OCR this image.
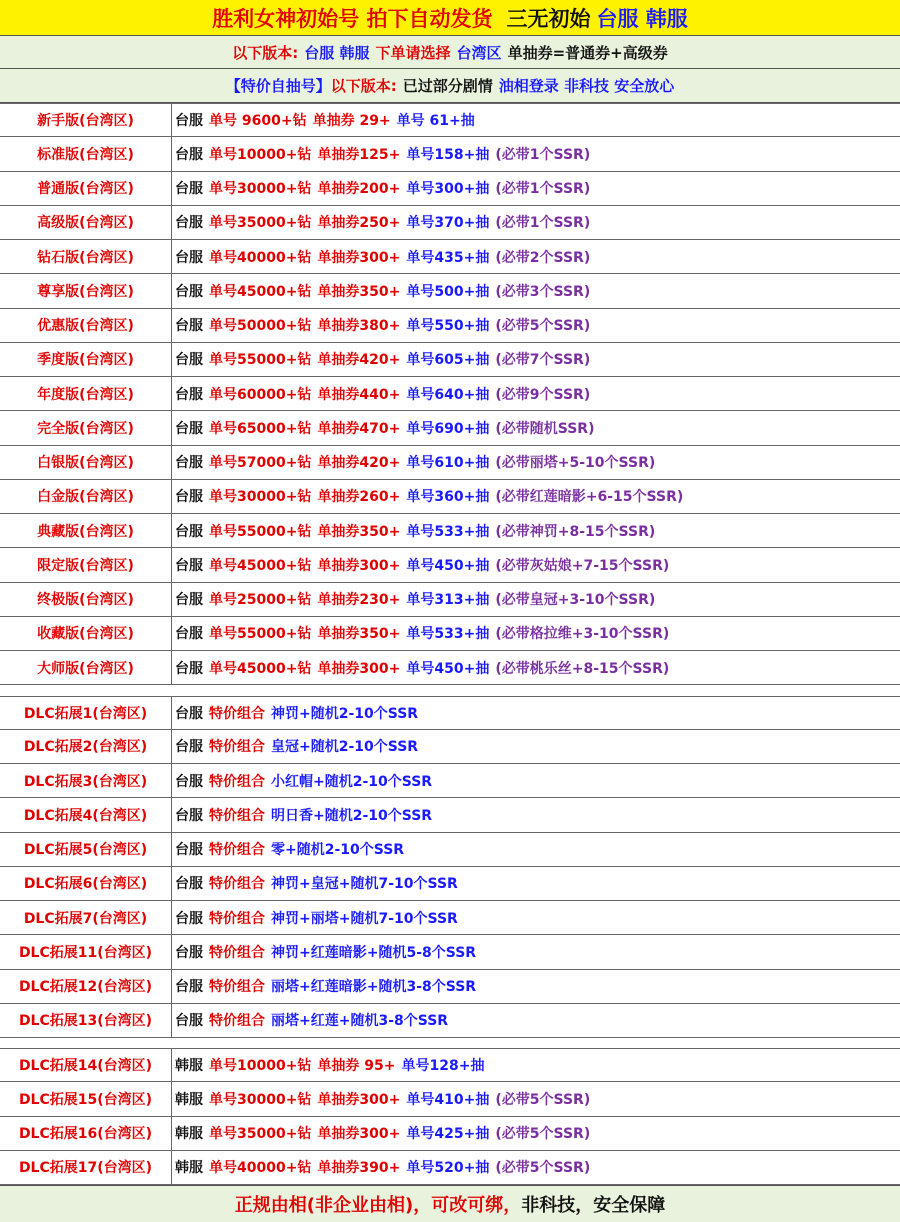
胜利女神初始号 拍下自动发货 三无初始 台服 韩服
以下版本: 台服 韩服 下单请选择 台湾区 单抽券=普通券+高级券
【特价自抽号】 以下版本: 已过部分剧情 油相登录 非科技 安全放心
新手版(台湾区)	台服 单号 9600+钻 单抽券 29+ 单号 61+抽
标准版(台湾区)	台服 单号10000+钻 单抽券125+ 单号158+抽 (必带1个SSR)
普通版(台湾区)	台服 单号30000+钻 单抽券200+ 单号300+抽 (必带1个SSR)
高级版(台湾区)	台服 单号35000+钻 单抽券250+ 单号370+抽 (必带1个SSR)
钻石版(台湾区)	台服 单号40000+钻 单抽券300+ 单号435+抽 (必带2个SSR)
尊享版(台湾区)	台服 单号45000+钻 单抽券350+ 单号500+抽 (必带3个SSR)
优惠版(台湾区)	台服 单号50000+钻 单抽券380+ 单号550+抽 (必带5个SSR)
季度版(台湾区)	台服 单号55000+钻 单抽券420+ 单号605+抽 (必带7个SSR)
年度版(台湾区)	台服 单号60000+钻 单抽券440+ 单号640+抽 (必带9个SSR)
完全版(台湾区)	台服 单号65000+钻 单抽券470+ 单号690+抽 (必带随机SSR)
白银版(台湾区)	台服 单号57000+钻 单抽券420+ 单号610+抽 (必带丽塔+5-10个SSR)
白金版(台湾区)	台服 单号30000+钻 单抽券260+ 单号360+抽 (必带红莲暗影+6-15个SSR)
典藏版(台湾区)	台服 单号55000+钻 单抽券350+ 单号533+抽 (必带神罚+8-15个SSR)
限定版(台湾区)	台服 单号45000+钻 单抽券300+ 单号450+抽 (必带灰姑娘+7-15个SSR)
终极版(台湾区)	台服 单号25000+钻 单抽券230+ 单号313+抽 (必带皇冠+3-10个SSR)
收藏版(台湾区)	台服 单号55000+钻 单抽券350+ 单号533+抽 (必带格拉维+3-10个SSR)
大师版(台湾区)	台服 单号45000+钻 单抽券300+ 单号450+抽 (必带桃乐丝+8-15个SSR)
DLC拓展1(台湾区)	台服 特价组合 神罚+随机2-10个SSR
DLC拓展2(台湾区)	台服 特价组合 皇冠+随机2-10个SSR
DLC拓展3(台湾区)	台服 特价组合 小红帽+随机2-10个SSR
DLC拓展4(台湾区)	台服 特价组合 明日香+随机2-10个SSR
DLC拓展5(台湾区)	台服 特价组合 零+随机2-10个SSR
DLC拓展6(台湾区)	台服 特价组合 神罚+皇冠+随机7-10个SSR
DLC拓展7(台湾区)	台服 特价组合 神罚+丽塔+随机7-10个SSR
DLC拓展11(台湾区)	台服 特价组合 神罚+红莲暗影+随机5-8个SSR
DLC拓展12(台湾区)	台服 特价组合 丽塔+红莲暗影+随机3-8个SSR
DLC拓展13(台湾区)	台服 特价组合 丽塔+红莲+随机3-8个SSR
DLC拓展14(台湾区)	韩服 单号10000+钻 单抽券 95+ 单号128+抽
DLC拓展15(台湾区)	韩服 单号30000+钻 单抽券300+ 单号410+抽 (必带5个SSR)
DLC拓展16(台湾区)	韩服 单号35000+钻 单抽券300+ 单号425+抽 (必带5个SSR)
DLC拓展17(台湾区)	韩服 单号40000+钻 单抽券390+ 单号520+抽 (必带5个SSR)
正规由相(非企业由相)，可改可绑， 非科技，安全保障
